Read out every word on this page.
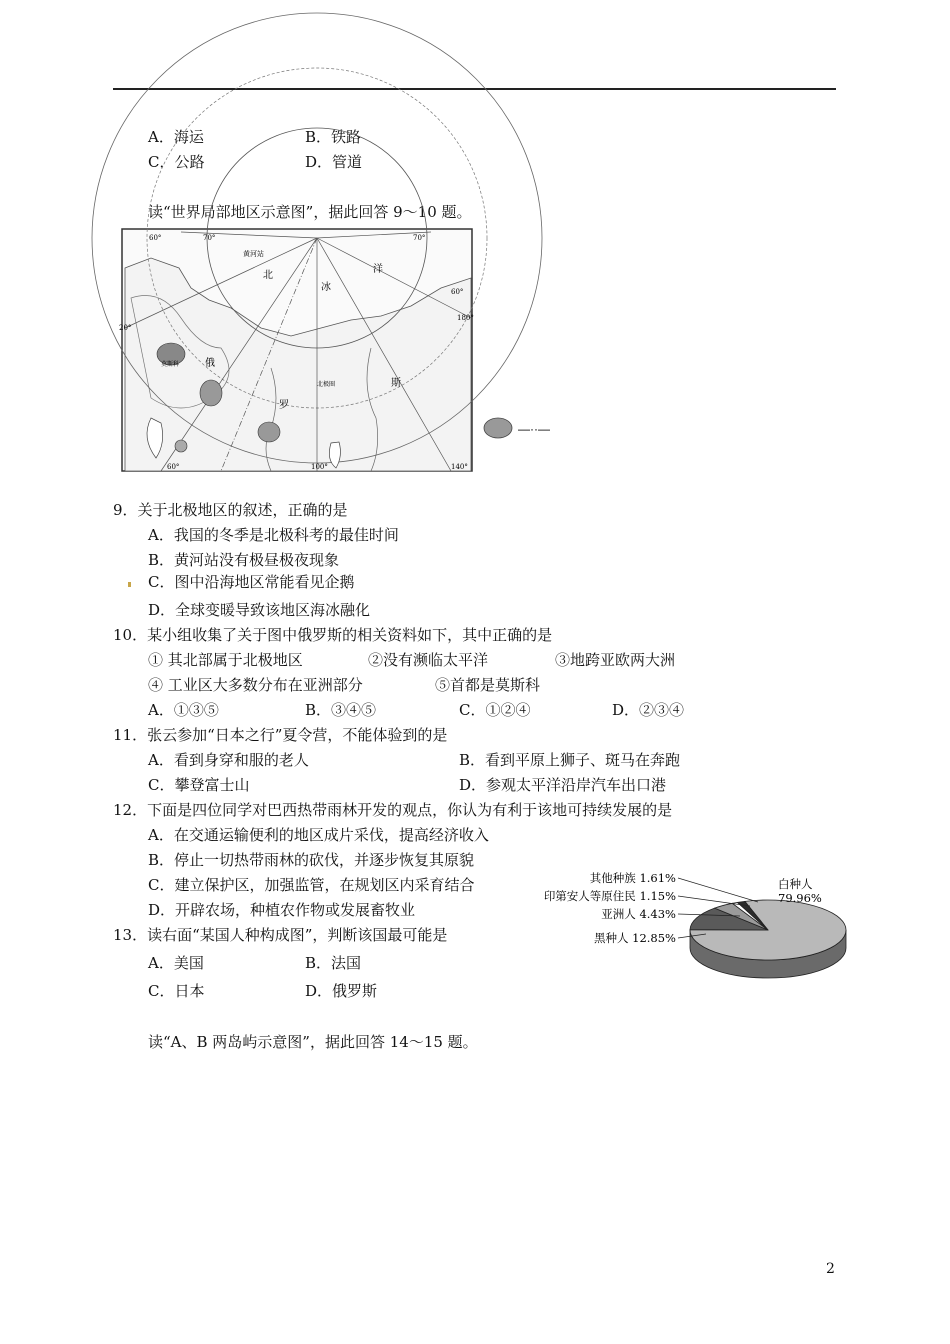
A．海运	B．铁路
C．公路	D．管道
读“世界局部地区示意图”，据此回答 9～10 题。
60°	70°	70°
60°
180°
20°
60°	100°	140°
黄河站
北
冰
洋
莫斯科	俄
罗
斯
北极圈
—··—
9．关于北极地区的叙述，正确的是
A．我国的冬季是北极科考的最佳时间
B．黄河站没有极昼极夜现象
C．图中沿海地区常能看见企鹅
D．全球变暖导致该地区海冰融化
10．某小组收集了关于图中俄罗斯的相关资料如下，其中正确的是
① 其北部属于北极地区	②没有濒临太平洋	③地跨亚欧两大洲
④ 工业区大多数分布在亚洲部分	⑤首都是莫斯科
A．①③⑤	B．③④⑤	C．①②④	D．②③④
11．张云参加“日本之行”夏令营，不能体验到的是
A．看到身穿和服的老人	B．看到平原上狮子、斑马在奔跑
C．攀登富士山	D．参观太平洋沿岸汽车出口港
12．下面是四位同学对巴西热带雨林开发的观点，你认为有利于该地可持续发展的是
A．在交通运输便利的地区成片采伐，提高经济收入
B．停止一切热带雨林的砍伐，并逐步恢复其原貌
C．建立保护区，加强监管，在规划区内采育结合
D．开辟农场，种植农作物或发展畜牧业
13．读右面“某国人种构成图”，判断该国最可能是
A．美国	B．法国
C．日本	D．俄罗斯
白种人
79.96%
黑种人 12.85%
亚洲人 4.43%
印第安人等原住民 1.15%
其他种族 1.61%
读“A、B 两岛屿示意图”，据此回答 14～15 题。
2
